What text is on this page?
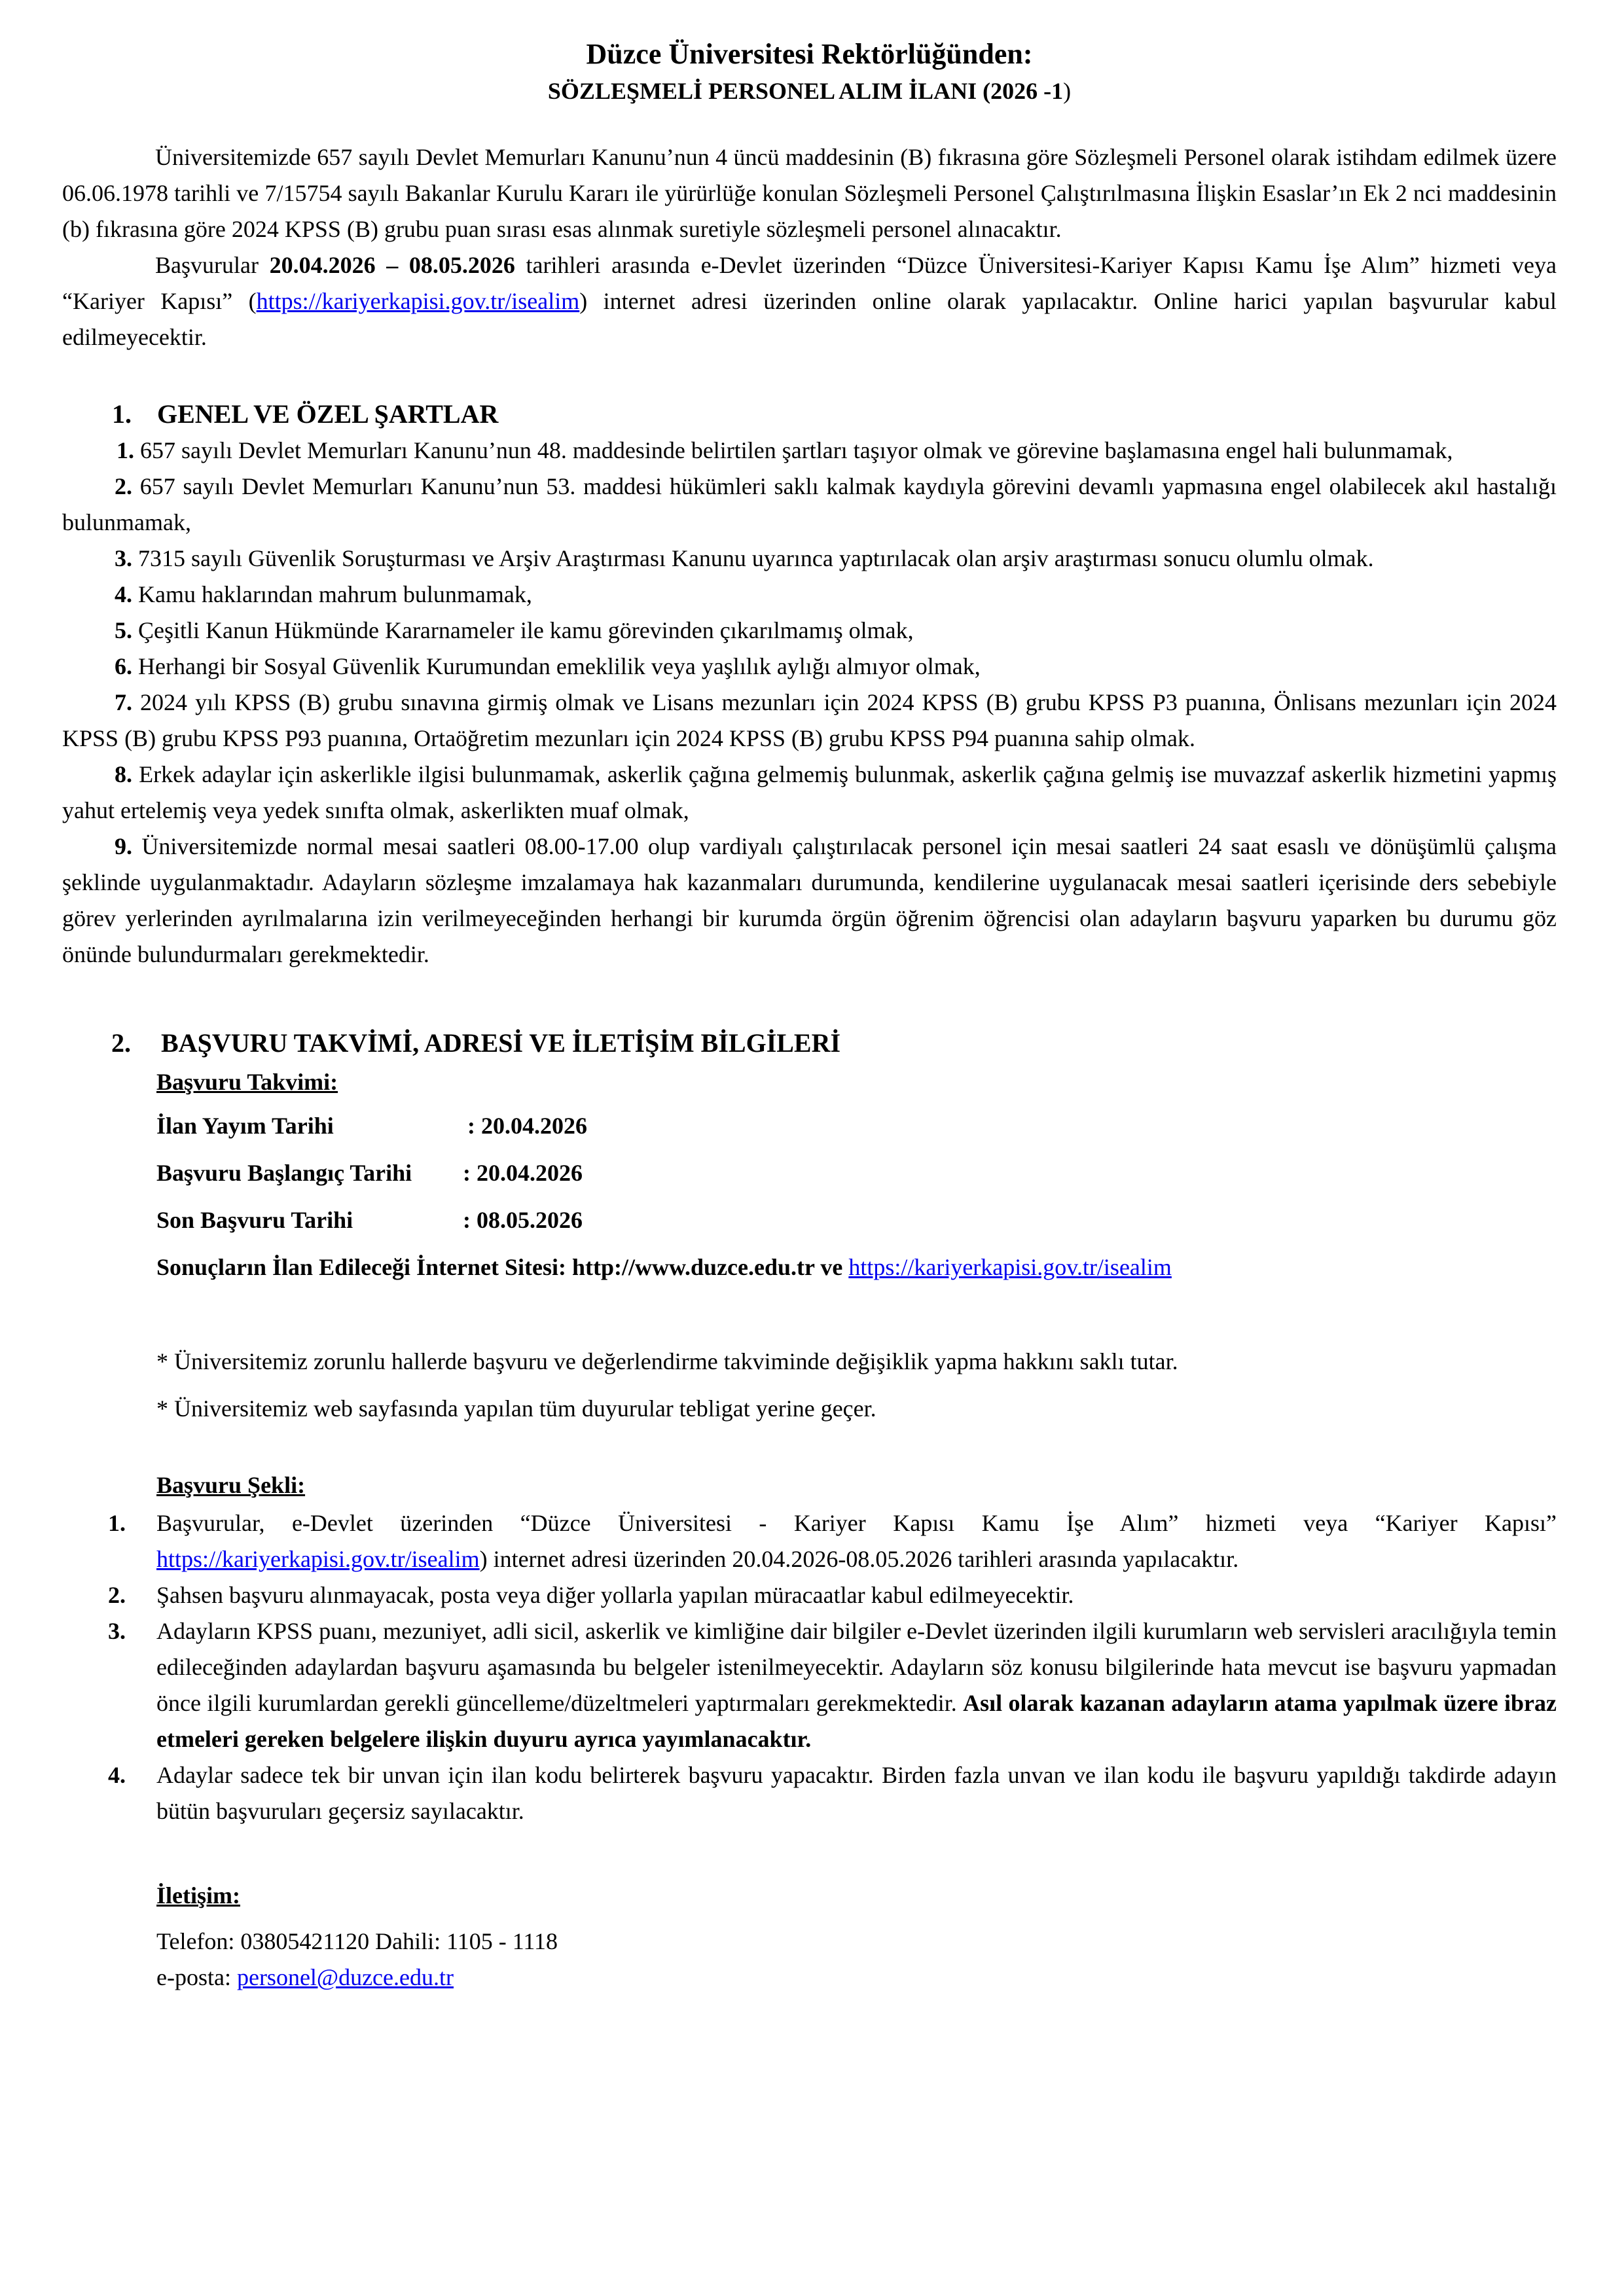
Düzce Üniversitesi Rektörlüğünden:
SÖZLEŞMELİ PERSONEL ALIM İLANI (2026 -1)

Üniversitemizde 657 sayılı Devlet Memurları Kanunu’nun 4 üncü maddesinin (B) fıkrasına göre Sözleşmeli Personel olarak istihdam edilmek üzere 06.06.1978 tarihli ve 7/15754 sayılı Bakanlar Kurulu Kararı ile yürürlüğe konulan Sözleşmeli Personel Çalıştırılmasına İlişkin Esaslar’ın Ek 2 nci maddesinin (b) fıkrasına göre 2024 KPSS (B) grubu puan sırası esas alınmak suretiyle sözleşmeli personel alınacaktır.

Başvurular 20.04.2026 – 08.05.2026 tarihleri arasında e-Devlet üzerinden “Düzce Üniversitesi-Kariyer Kapısı Kamu İşe Alım” hizmeti veya “Kariyer Kapısı” (https://kariyerkapisi.gov.tr/isealim) internet adresi üzerinden online olarak yapılacaktır. Online harici yapılan başvurular kabul edilmeyecektir.

1. GENEL VE ÖZEL ŞARTLAR

1. 657 sayılı Devlet Memurları Kanunu’nun 48. maddesinde belirtilen şartları taşıyor olmak ve görevine başlamasına engel hali bulunmamak,

2. 657 sayılı Devlet Memurları Kanunu’nun 53. maddesi hükümleri saklı kalmak kaydıyla görevini devamlı yapmasına engel olabilecek akıl hastalığı bulunmamak,

3. 7315 sayılı Güvenlik Soruşturması ve Arşiv Araştırması Kanunu uyarınca yaptırılacak olan arşiv araştırması sonucu olumlu olmak.

4. Kamu haklarından mahrum bulunmamak,

5. Çeşitli Kanun Hükmünde Kararnameler ile kamu görevinden çıkarılmamış olmak,

6. Herhangi bir Sosyal Güvenlik Kurumundan emeklilik veya yaşlılık aylığı almıyor olmak,

7. 2024 yılı KPSS (B) grubu sınavına girmiş olmak ve Lisans mezunları için 2024 KPSS (B) grubu KPSS P3 puanına, Önlisans mezunları için 2024 KPSS (B) grubu KPSS P93 puanına, Ortaöğretim mezunları için 2024 KPSS (B) grubu KPSS P94 puanına sahip olmak.

8. Erkek adaylar için askerlikle ilgisi bulunmamak, askerlik çağına gelmemiş bulunmak, askerlik çağına gelmiş ise muvazzaf askerlik hizmetini yapmış yahut ertelemiş veya yedek sınıfta olmak, askerlikten muaf olmak,

9. Üniversitemizde normal mesai saatleri 08.00-17.00 olup vardiyalı çalıştırılacak personel için mesai saatleri 24 saat esaslı ve dönüşümlü çalışma şeklinde uygulanmaktadır. Adayların sözleşme imzalamaya hak kazanmaları durumunda, kendilerine uygulanacak mesai saatleri içerisinde ders sebebiyle görev yerlerinden ayrılmalarına izin verilmeyeceğinden herhangi bir kurumda örgün öğrenim öğrencisi olan adayların başvuru yaparken bu durumu göz önünde bulundurmaları gerekmektedir.

2. BAŞVURU TAKVİMİ, ADRESİ VE İLETİŞİM BİLGİLERİ
Başvuru Takvimi:
İlan Yayım Tarihi	: 20.04.2026
Başvuru Başlangıç Tarihi	: 20.04.2026
Son Başvuru Tarihi	: 08.05.2026
Sonuçların İlan Edileceği İnternet Sitesi: http://www.duzce.edu.tr ve https://kariyerkapisi.gov.tr/isealim
* Üniversitemiz zorunlu hallerde başvuru ve değerlendirme takviminde değişiklik yapma hakkını saklı tutar.
* Üniversitemiz web sayfasında yapılan tüm duyurular tebligat yerine geçer.
Başvuru Şekli:
1.	Başvurular, e-Devlet üzerinden “Düzce Üniversitesi - Kariyer Kapısı Kamu İşe Alım” hizmeti veya “Kariyer Kapısı” https://kariyerkapisi.gov.tr/isealim) internet adresi üzerinden 20.04.2026-08.05.2026 tarihleri arasında yapılacaktır.
2.	Şahsen başvuru alınmayacak, posta veya diğer yollarla yapılan müracaatlar kabul edilmeyecektir.
3.	Adayların KPSS puanı, mezuniyet, adli sicil, askerlik ve kimliğine dair bilgiler e-Devlet üzerinden ilgili kurumların web servisleri aracılığıyla temin edileceğinden adaylardan başvuru aşamasında bu belgeler istenilmeyecektir. Adayların söz konusu bilgilerinde hata mevcut ise başvuru yapmadan önce ilgili kurumlardan gerekli güncelleme/düzeltmeleri yaptırmaları gerekmektedir. Asıl olarak kazanan adayların atama yapılmak üzere ibraz etmeleri gereken belgelere ilişkin duyuru ayrıca yayımlanacaktır.
4.	Adaylar sadece tek bir unvan için ilan kodu belirterek başvuru yapacaktır. Birden fazla unvan ve ilan kodu ile başvuru yapıldığı takdirde adayın bütün başvuruları geçersiz sayılacaktır.
İletişim:
Telefon: 03805421120 Dahili: 1105 - 1118
e-posta: personel@duzce.edu.tr
